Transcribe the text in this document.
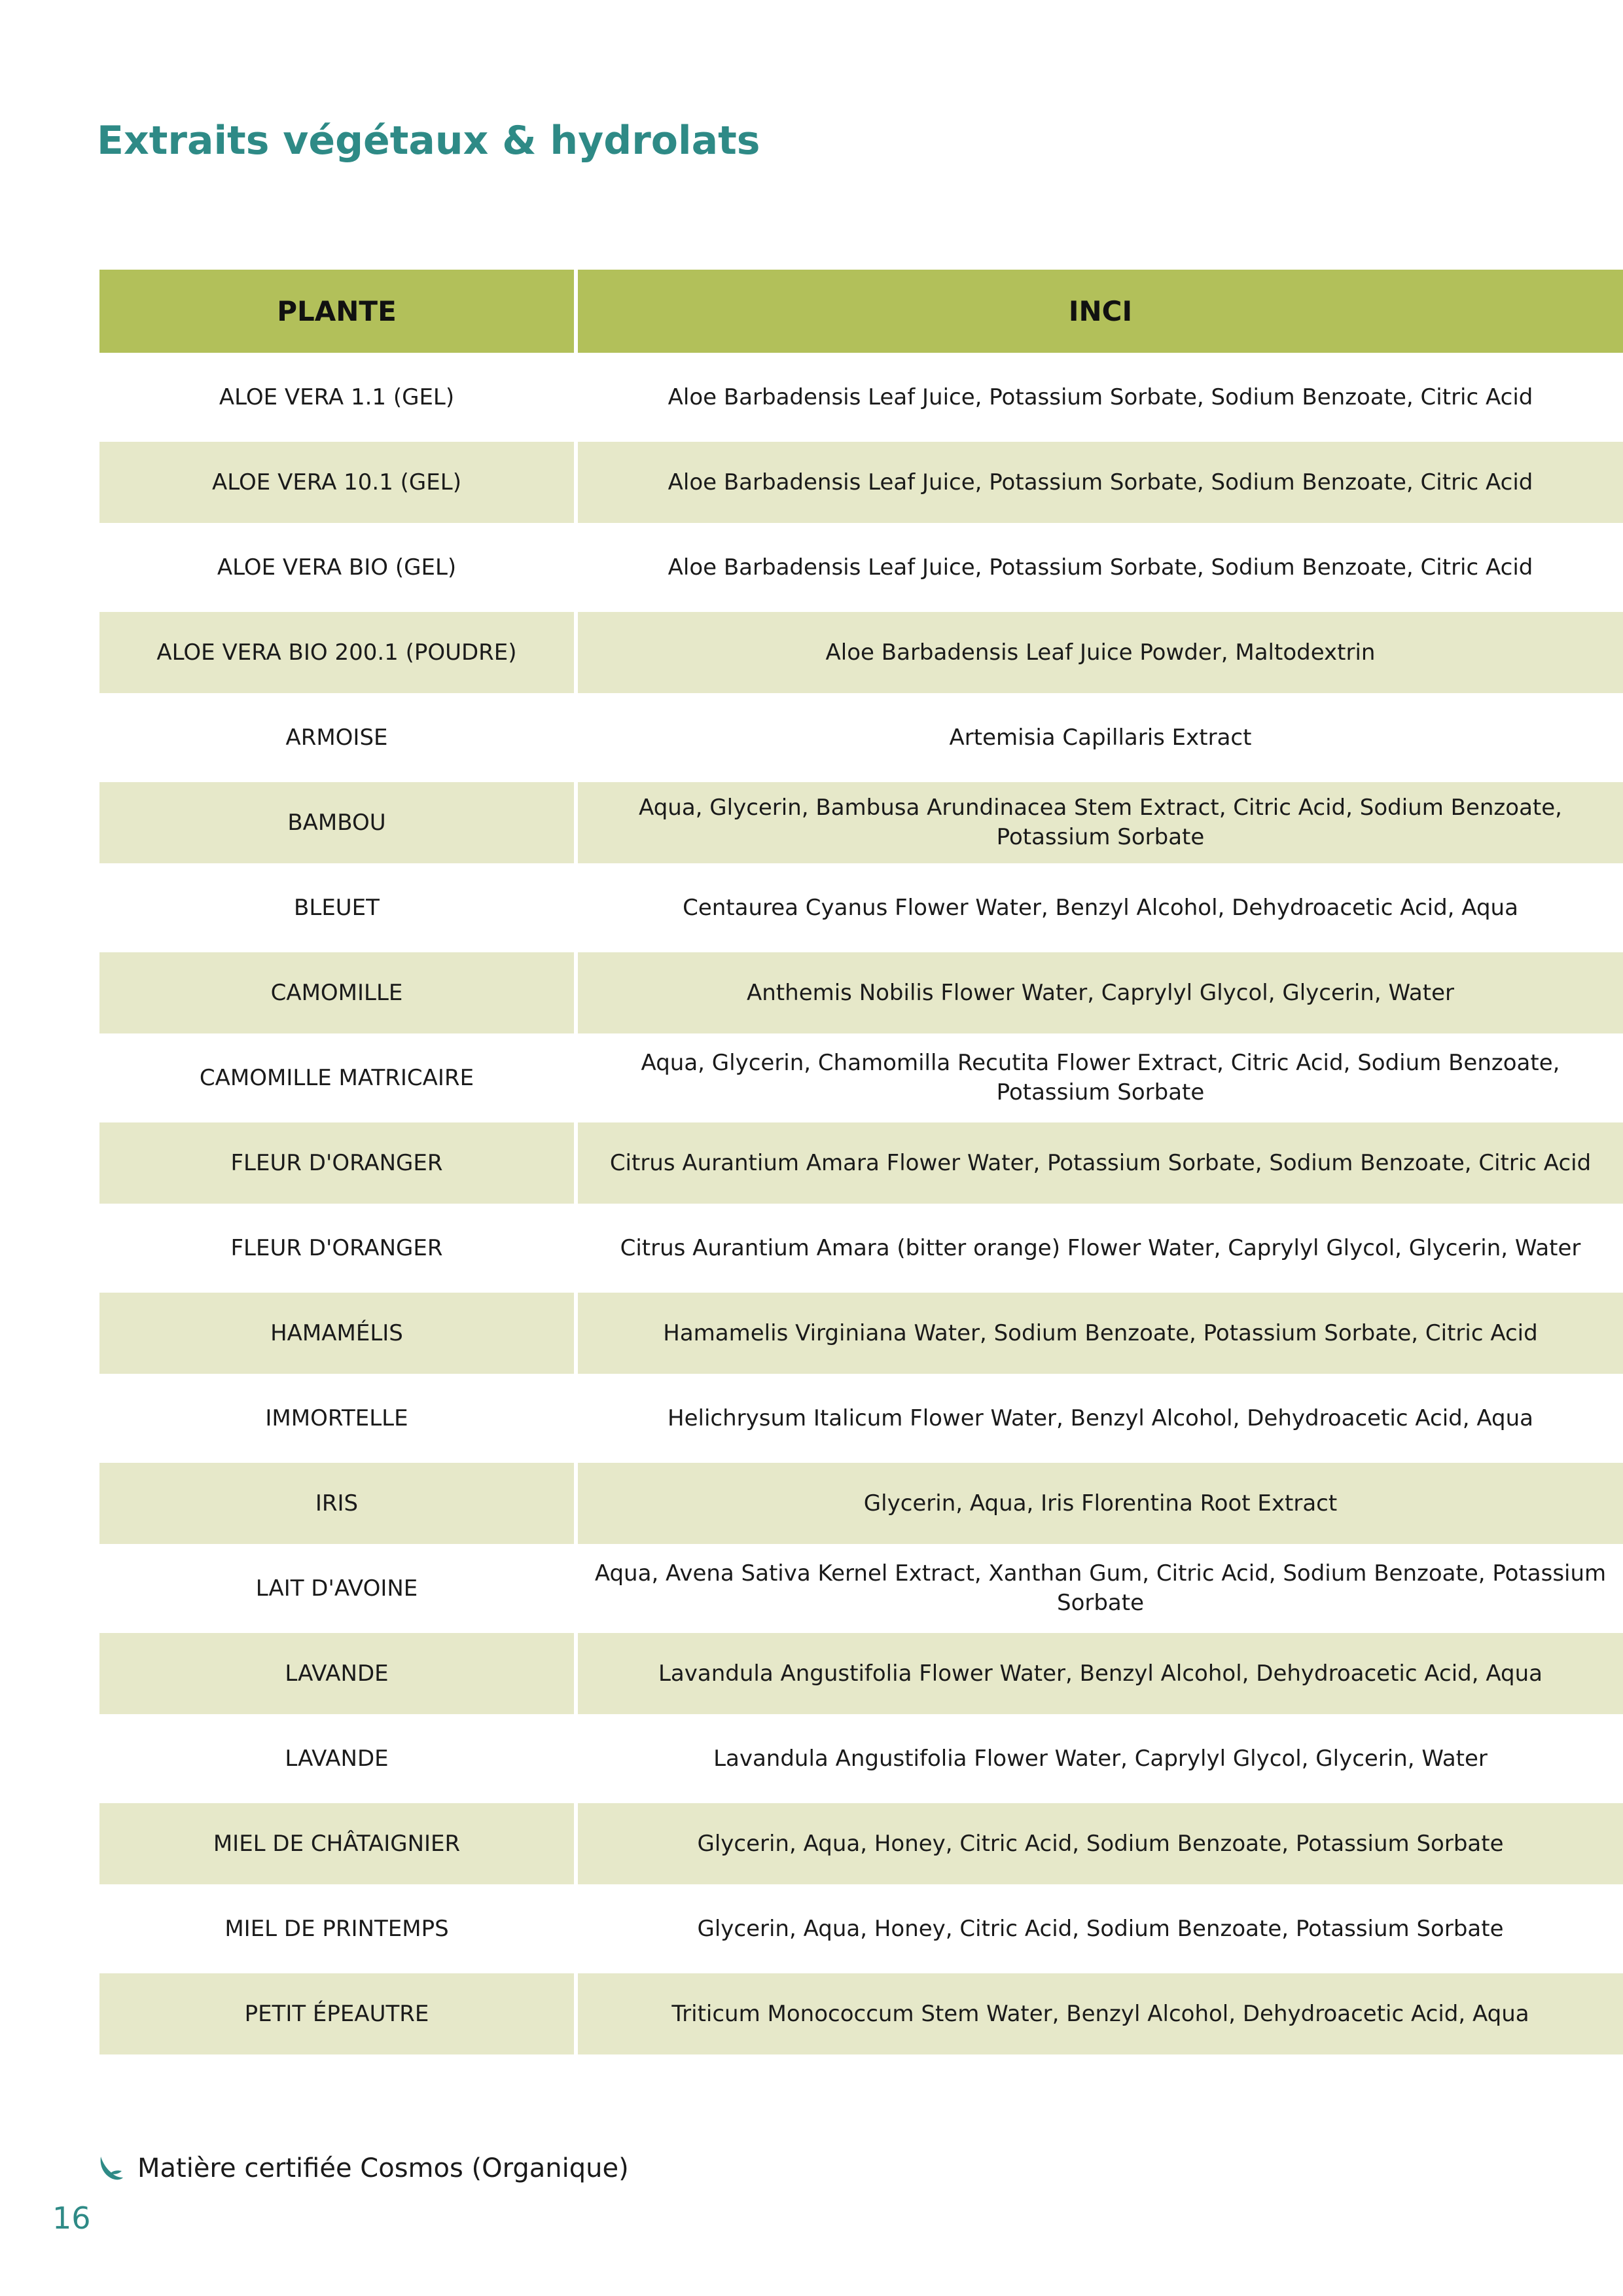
Extraits végétaux & hydrolats
PLANTE	INCI
ALOE VERA 1.1 (GEL)	Aloe Barbadensis Leaf Juice, Potassium Sorbate, Sodium Benzoate, Citric Acid
ALOE VERA 10.1 (GEL)	Aloe Barbadensis Leaf Juice, Potassium Sorbate, Sodium Benzoate, Citric Acid
ALOE VERA BIO (GEL)	Aloe Barbadensis Leaf Juice, Potassium Sorbate, Sodium Benzoate, Citric Acid
ALOE VERA BIO 200.1 (POUDRE)	Aloe Barbadensis Leaf Juice Powder, Maltodextrin
ARMOISE	Artemisia Capillaris Extract
BAMBOU	Aqua, Glycerin, Bambusa Arundinacea Stem Extract, Citric Acid, Sodium Benzoate, Potassium Sorbate
BLEUET	Centaurea Cyanus Flower Water, Benzyl Alcohol, Dehydroacetic Acid, Aqua
CAMOMILLE	Anthemis Nobilis Flower Water, Caprylyl Glycol, Glycerin, Water
CAMOMILLE MATRICAIRE	Aqua, Glycerin, Chamomilla Recutita Flower Extract, Citric Acid, Sodium Benzoate, Potassium Sorbate
FLEUR D'ORANGER	Citrus Aurantium Amara Flower Water, Potassium Sorbate, Sodium Benzoate, Citric Acid
FLEUR D'ORANGER	Citrus Aurantium Amara (bitter orange) Flower Water, Caprylyl Glycol, Glycerin, Water
HAMAMÉLIS	Hamamelis Virginiana Water, Sodium Benzoate, Potassium Sorbate, Citric Acid
IMMORTELLE	Helichrysum Italicum Flower Water, Benzyl Alcohol, Dehydroacetic Acid, Aqua
IRIS	Glycerin, Aqua, Iris Florentina Root Extract
LAIT D'AVOINE	Aqua, Avena Sativa Kernel Extract, Xanthan Gum, Citric Acid, Sodium Benzoate, Potassium Sorbate
LAVANDE	Lavandula Angustifolia Flower Water, Benzyl Alcohol, Dehydroacetic Acid, Aqua
LAVANDE	Lavandula Angustifolia Flower Water, Caprylyl Glycol, Glycerin, Water
MIEL DE CHÂTAIGNIER	Glycerin, Aqua, Honey, Citric Acid, Sodium Benzoate, Potassium Sorbate
MIEL DE PRINTEMPS	Glycerin, Aqua, Honey, Citric Acid, Sodium Benzoate, Potassium Sorbate
PETIT ÉPEAUTRE	Triticum Monococcum Stem Water, Benzyl Alcohol, Dehydroacetic Acid, Aqua
Matière certifiée Cosmos (Organique)
16
